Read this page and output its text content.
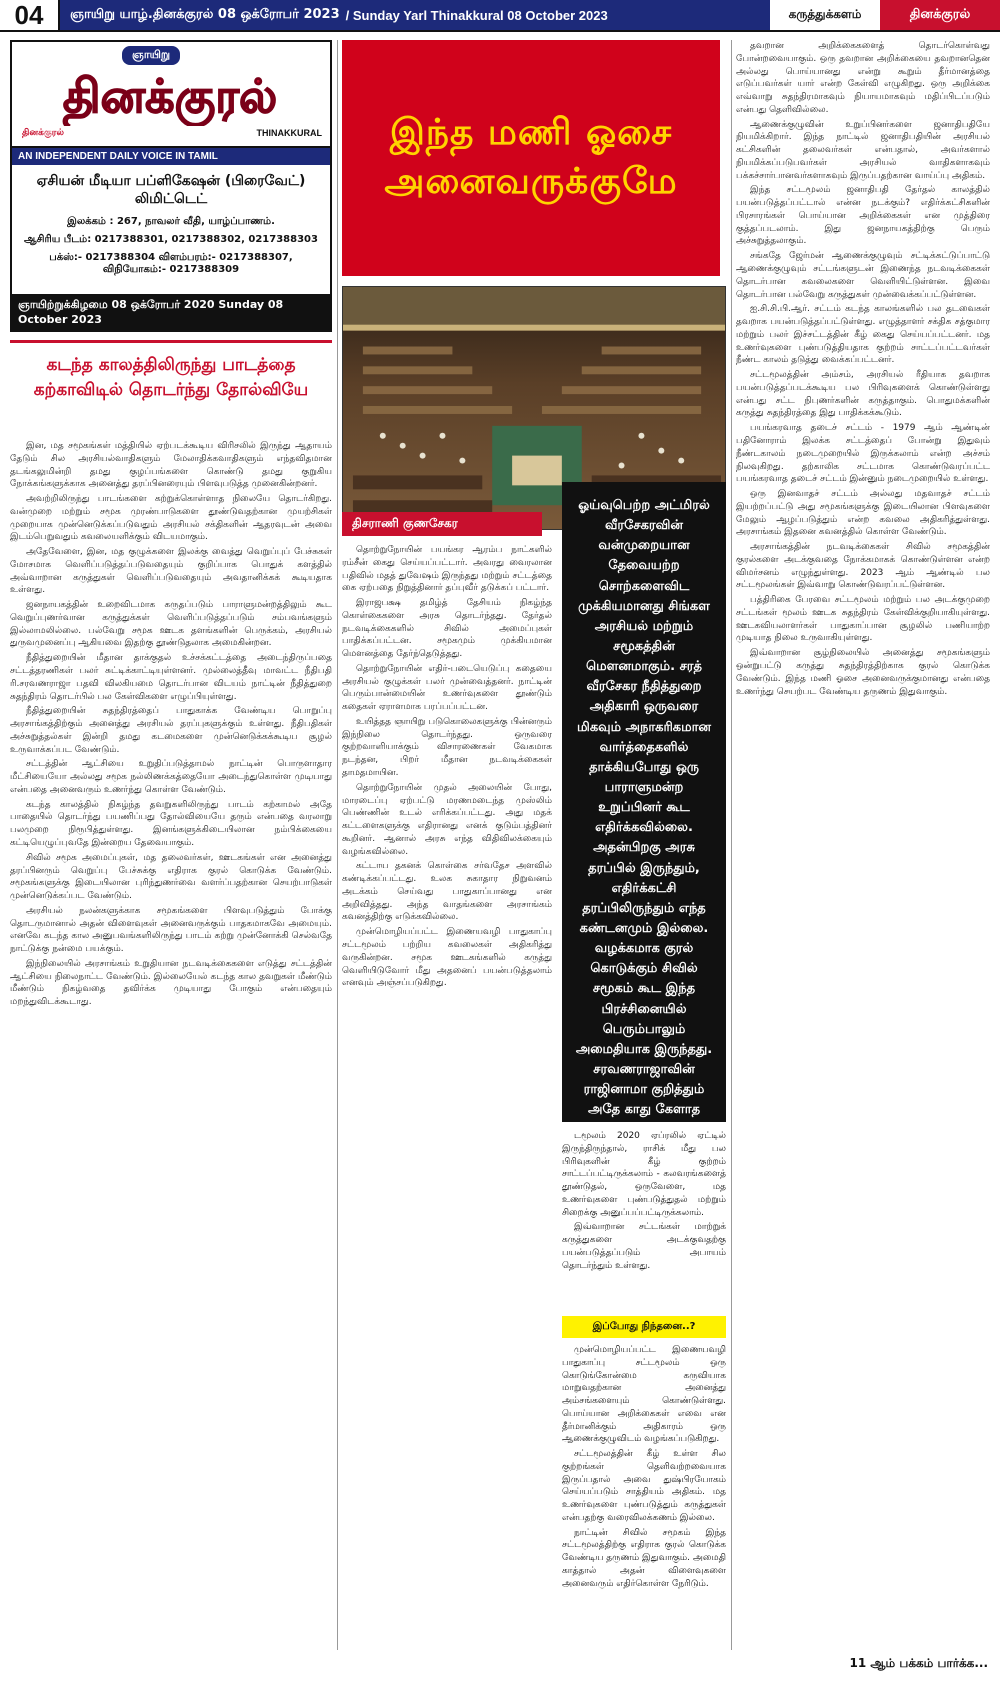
04	ஞாயிறு யாழ்.தினக்குரல் 08 ஒக்ரோபர் 2023 / Sunday Yarl Thinakkural 08 October 2023	கருத்துக்களம்	தினக்குரல்
ஞாயிறு
தினக்குரல்
தினக்குரல்	THINAKKURAL
AN INDEPENDENT DAILY VOICE IN TAMIL
ஏசியன் மீடியா பப்ளிகேஷன் (பிரைவேட்) லிமிட்டெட்
இலக்கம் : 267, நாவலர் வீதி, யாழ்ப்பாணம்.
ஆசிரிய பீடம்: 0217388301, 0217388302, 0217388303
பக்ஸ்:- 0217388304 விளம்பரம்:- 0217388307, விநியோகம்:- 0217388309
ஞாயிற்றுக்கிழமை 08 ஒக்ரோபர் 2020 Sunday 08 October 2023
கடந்த காலத்திலிருந்து பாடத்தை கற்காவிடில் தொடர்ந்து தோல்வியே

இன, மத சமூகங்கள் மத்தியில் ஏற்படக்கூடிய விரிசலில் இருந்து ஆதாயம் தேடும் சில அரசியல்வாதிகளும் மேலாதிக்கவாதிகளும் எந்தவிதமான தடங்கலுமின்றி தமது குழப்பங்களை கொண்டு தமது குறுகிய நோக்கங்களுக்காக அனைத்து தரப்பினரையும் பிளவுபடுத்த முனைகின்றனர்.

அவற்றிலிருந்து பாடங்களை கற்றுக்கொள்ளாத நிலையே தொடர்கிறது. வன்முறை மற்றும் சமூக முரண்பாடுகளை தூண்டுவதற்கான முயற்சிகள் முறையாக முன்னெடுக்கப்படுவதும் அரசியல் சக்திகளின் ஆதரவுடன் அவை இடம்பெறுவதும் கவலையளிக்கும் விடயமாகும்.

அதேவேளை, இன, மத குழுக்களை இலக்கு வைத்து வெறுப்புப் பேச்சுகள் மோசமாக வெளிப்படுத்தப்படுவதையும் குறிப்பாக பொதுக் களத்தில் அவ்வாறான கருத்துகள் வெளிப்படுவதையும் அவதானிக்கக் கூடியதாக உள்ளது.

ஜனநாயகத்தின் உறைவிடமாக கருதப்படும் பாராளுமன்றத்திலும் கூட வெறுப்புணர்வான கருத்துக்கள் வெளிப்படுத்தப்படும் சம்பவங்களும் இல்லாமலில்லை. பல்வேறு சமூக ஊடக தளங்களின் பெருக்கம், அரசியல் துருவமுனைப்பு ஆகியவை இதற்கு தூண்டுதலாக அமைகின்றன.

நீதித்துறையின் மீதான தாக்குதல் உச்சக்கட்டத்தை அடைந்திருப்பதை சட்டத்தரணிகள் பலர் சுட்டிக்காட்டியுள்ளனர். முல்லைத்தீவு மாவட்ட நீதிபதி ரி.சரவணராஜா பதவி விலகியமை தொடர்பான விடயம் நாட்டின் நீதித்துறை சுதந்திரம் தொடர்பில் பல கேள்விகளை எழுப்பியுள்ளது.

நீதித்துறையின் சுதந்திரத்தைப் பாதுகாக்க வேண்டிய பொறுப்பு அரசாங்கத்திற்கும் அனைத்து அரசியல் தரப்புகளுக்கும் உள்ளது. நீதிபதிகள் அச்சுறுத்தல்கள் இன்றி தமது கடமைகளை முன்னெடுக்கக்கூடிய சூழல் உருவாக்கப்பட வேண்டும்.

சட்டத்தின் ஆட்சியை உறுதிப்படுத்தாமல் நாட்டின் பொருளாதார மீட்சியையோ அல்லது சமூக நல்லிணக்கத்தையோ அடைந்துகொள்ள முடியாது என்பதை அனைவரும் உணர்ந்து கொள்ள வேண்டும்.

கடந்த காலத்தில் நிகழ்ந்த தவறுகளிலிருந்து பாடம் கற்காமல் அதே பாதையில் தொடர்ந்து பயணிப்பது தோல்வியையே தரும் என்பதை வரலாறு பலமுறை நிரூபித்துள்ளது. இனங்களுக்கிடையிலான நம்பிக்கையை கட்டியெழுப்புவதே இன்றைய தேவையாகும்.

சிவில் சமூக அமைப்புகள், மத தலைவர்கள், ஊடகங்கள் என அனைத்து தரப்பினரும் வெறுப்பு பேச்சுக்கு எதிராக குரல் கொடுக்க வேண்டும். சமூகங்களுக்கு இடையிலான புரிந்துணர்வை வளர்ப்பதற்கான செயற்பாடுகள் முன்னெடுக்கப்பட வேண்டும்.

அரசியல் நலன்களுக்காக சமூகங்களை பிளவுபடுத்தும் போக்கு தொடருமானால் அதன் விளைவுகள் அனைவருக்கும் பாதகமாகவே அமையும். எனவே கடந்த கால அனுபவங்களிலிருந்து பாடம் கற்று முன்னோக்கி செல்வதே நாட்டுக்கு நன்மை பயக்கும்.

இந்நிலையில் அரசாங்கம் உறுதியான நடவடிக்கைகளை எடுத்து சட்டத்தின் ஆட்சியை நிலைநாட்ட வேண்டும். இல்லையேல் கடந்த கால தவறுகள் மீண்டும் மீண்டும் நிகழ்வதை தவிர்க்க முடியாது போகும் என்பதையும் மறந்துவிடக்கூடாது.

இந்த மணி ஓசை
அனைவருக்குமே
திசராணி குணசேகர
ஓய்வுபெற்ற அட்மிரல் வீரசேகரவின் வன்முறையான தேவையற்ற சொற்களைவிட முக்கியமானது சிங்கள அரசியல் மற்றும் சமூகத்தின் மௌனமாகும். சரத் வீரசேகர நீதித்துறை அதிகாரி ஒருவரை மிகவும் அநாகரிகமான வார்த்தைகளில் தாக்கியபோது ஒரு பாராளுமன்ற உறுப்பினர் கூட எதிர்க்கவில்லை. அதன்பிறகு அரசு தரப்பில் இருந்தும், எதிர்க்கட்சி தரப்பிலிருந்தும் எந்த கண்டனமும் இல்லை. வழக்கமாக குரல் கொடுக்கும் சிவில் சமூகம் கூட இந்த பிரச்சினையில் பெரும்பாலும் அமைதியாக இருந்தது. சரவணராஜாவின் ராஜினாமா குறித்தும் அதே காது கேளாத

தொற்றுநோயின் பயங்கர ஆரம்ப நாட்களில் ரம்சீன் கைது செய்யப்பட்டார். அவரது வைரலான பதிவில் மதத் துவேஷம் இருந்தது மற்றும் சட்டத்தை கை ஏற்பதை நிறுத்தினார் தப்புவீர் தடுக்கப் பட்டார்.

இராஜபக்ஷ தமிழ்த் தேசியம் நிகழ்ந்த கொள்கைகளை அரசு தொடர்ந்தது. தேர்தல் நடவடிக்கைகளில் சிவில் அமைப்புகள் பாதிக்கப்பட்டன. சமூகமும் முக்கியமான மௌனத்தை தேர்ந்தெடுத்தது.

தொற்றுநோயின் எதிர்-படையெடுப்பு கதையை அரசியல் குழுக்கள் பலர் முன்வைத்தனர். நாட்டின் பெரும்பான்மையின் உணர்வுகளை தூண்டும் கதைகள் ஏராளமாக பரப்பப்பட்டன.

உயித்தத ஞாயிறு படுகொலைகளுக்கு பின்னரும் இந்நிலை தொடர்ந்தது. ஒருவரை குற்றவாளியாக்கும் விசாரணைகள் வேகமாக நடந்தன, பிறர் மீதான நடவடிக்கைகள் தாமதமாயின.

தொற்றுநோயின் முதல் அலையின் போது, மாரடைப்பு ஏற்பட்டு மரணமடைந்த முஸ்லிம் பெண்ணின் உடல் எரிக்கப்பட்டது. அது மதக் கட்டளைகளுக்கு எதிரானது எனக் குடும்பத்தினர் கூறினர். ஆனால் அரசு எந்த விதிவிலக்கையும் வழங்கவில்லை.

கட்டாய தகனக் கொள்கை சர்வதேச அளவில் கண்டிக்கப்பட்டது. உலக சுகாதார நிறுவனம் அடக்கம் செய்வது பாதுகாப்பானது என அறிவித்தது. அந்த வாதங்களை அரசாங்கம் கவனத்திற்கு எடுக்கவில்லை.

முன்மொழியப்பட்ட இணையவழி பாதுகாப்பு சட்டமூலம் பற்றிய கவலைகள் அதிகரித்து வருகின்றன. சமூக ஊடகங்களில் கருத்து வெளியிடுவோர் மீது அதனைப் பயன்படுத்தலாம் எனவும் அஞ்சப்படுகிறது.

டமூலம் 2020 ஏப்ரலில் ஏட்டில் இருந்திருந்தால், ராசிக் மீது பல பிரிவுகளின் கீழ் குற்றம் சாட்டப்பட்டிருக்கலாம் - கலவரங்களைத் தூண்டுதல், ஒருவேளை, மத உணர்வுகளை புண்படுத்துதல் மற்றும் சிறைக்கு அனுப்பப்பட்டிருக்கலாம்.

இவ்வாறான சட்டங்கள் மாற்றுக் கருத்துகளை அடக்குவதற்கு பயன்படுத்தப்படும் அபாயம் தொடர்ந்தும் உள்ளது.

இப்போது நிந்தனை..?

முன்மொழியப்பட்ட இணையவழி பாதுகாப்பு சட்டமூலம் ஒரு கொடுங்கோன்மை கருவியாக மாறுவதற்கான அனைத்து அம்சங்களையும் கொண்டுள்ளது. பொய்யான அறிக்கைகள் எவை என தீர்மானிக்கும் அதிகாரம் ஒரு ஆணைக்குழுவிடம் வழங்கப்படுகிறது.

சட்டமூலத்தின் கீழ் உள்ள சில குற்றங்கள் தெளிவற்றவையாக இருப்பதால் அவை துஷ்பிரயோகம் செய்யப்படும் சாத்தியம் அதிகம். மத உணர்வுகளை புண்படுத்தும் கருத்துகள் என்பதற்கு வரைவிலக்கணம் இல்லை.

நாட்டின் சிவில் சமூகம் இந்த சட்டமூலத்திற்கு எதிராக குரல் கொடுக்க வேண்டிய தருணம் இதுவாகும். அமைதி காத்தால் அதன் விளைவுகளை அனைவரும் எதிர்கொள்ள நேரிடும்.

தவறான அறிக்கைகளைத் தொடர்கொள்வது போன்றவையாகும். ஒரு தவறான அறிக்கையை தவறானதென அல்லது பொய்யானது என்று கூறும் தீர்மானத்தை எடுப்பவர்கள் யார் என்ற கேள்வி எழுகிறது. ஒரு அறிக்கை எவ்வாறு சுதந்திரமாகவும் நியாயமாகவும் மதிப்பிடப்படும் என்பது தெளிவில்லை.

ஆணைக்குழுவின் உறுப்பினர்களை ஜனாதிபதியே நியமிக்கிறார். இந்த நாட்டில் ஜனாதிபதியின் அரசியல் கட்சிகளின் தலைவர்கள் என்பதால், அவர்களால் நியமிக்கப்படுபவர்கள் அரசியல் வாதிகளாகவும் பக்கச்சார்பானவர்களாகவும் இருப்பதற்கான வாய்ப்பு அதிகம்.

இந்த சட்டமூலம் ஜனாதிபதி தேர்தல் காலத்தில் பயன்படுத்தப்பட்டால் என்ன நடக்கும்? எதிர்க்கட்சிகளின் பிரசாரங்கள் பொய்யான அறிக்கைகள் என முத்திரை குத்தப்படலாம். இது ஜனநாயகத்திற்கு பெரும் அச்சுறுத்தலாகும்.

சங்கதே ஜேர்மன் ஆணைக்குழுவும் சட்டிக்கட்டுப்பாட்டு ஆணைக்குழுவும் சட்டங்களுடன் இணைந்த நடவடிக்கைகள் தொடர்பான கவலைகளை வெளியிட்டுள்ளன. இவை தொடர்பான பல்வேறு கருத்துகள் முன்வைக்கப்பட்டுள்ளன.

ஐ.சி.சி.பி.ஆர். சட்டம் கடந்த காலங்களில் பல தடவைகள் தவறாக பயன்படுத்தப்பட்டுள்ளது. எழுத்தாளர் சக்திக சத்குமார மற்றும் பலர் இச்சட்டத்தின் கீழ் கைது செய்யப்பட்டனர். மத உணர்வுகளை புண்படுத்தியதாக குற்றம் சாட்டப்பட்டவர்கள் நீண்ட காலம் தடுத்து வைக்கப்பட்டனர்.

சட்டமூலத்தின் அம்சம், அரசியல் ரீதியாக தவறாக பயன்படுத்தப்படக்கூடிய பல பிரிவுகளைக் கொண்டுள்ளது என்பது சட்ட நிபுணர்களின் கருத்தாகும். பொதுமக்களின் கருத்து சுதந்திரத்தை இது பாதிக்கக்கூடும்.

பயங்கரவாத தடைச் சட்டம் - 1979 ஆம் ஆண்டின் பதினோராம் இலக்க சட்டத்தைப் போன்று இதுவும் நீண்டகாலம் நடைமுறையில் இருக்கலாம் என்ற அச்சம் நிலவுகிறது. தற்காலிக சட்டமாக கொண்டுவரப்பட்ட பயங்கரவாத தடைச் சட்டம் இன்னும் நடைமுறையில் உள்ளது.

ஒரு இனவாதச் சட்டம் அல்லது மதவாதச் சட்டம் இயற்றப்பட்டு அது சமூகங்களுக்கு இடையிலான பிளவுகளை மேலும் ஆழப்படுத்தும் என்ற கவலை அதிகரித்துள்ளது. அரசாங்கம் இதனை கவனத்தில் கொள்ள வேண்டும்.

அரசாங்கத்தின் நடவடிக்கைகள் சிவில் சமூகத்தின் குரல்களை அடக்குவதை நோக்கமாகக் கொண்டுள்ளன என்ற விமர்சனம் எழுந்துள்ளது. 2023 ஆம் ஆண்டில் பல சட்டமூலங்கள் இவ்வாறு கொண்டுவரப்பட்டுள்ளன.

பத்திரிகை பேரவை சட்டமூலம் மற்றும் பல அடக்குமுறை சட்டங்கள் மூலம் ஊடக சுதந்திரம் கேள்விக்குறியாகியுள்ளது. ஊடகவியலாளர்கள் பாதுகாப்பான சூழலில் பணியாற்ற முடியாத நிலை உருவாகியுள்ளது.

இவ்வாறான சூழ்நிலையில் அனைத்து சமூகங்களும் ஒன்றுபட்டு கருத்து சுதந்திரத்திற்காக குரல் கொடுக்க வேண்டும். இந்த மணி ஓசை அனைவருக்குமானது என்பதை உணர்ந்து செயற்பட வேண்டிய தருணம் இதுவாகும்.

11 ஆம் பக்கம் பார்க்க...
